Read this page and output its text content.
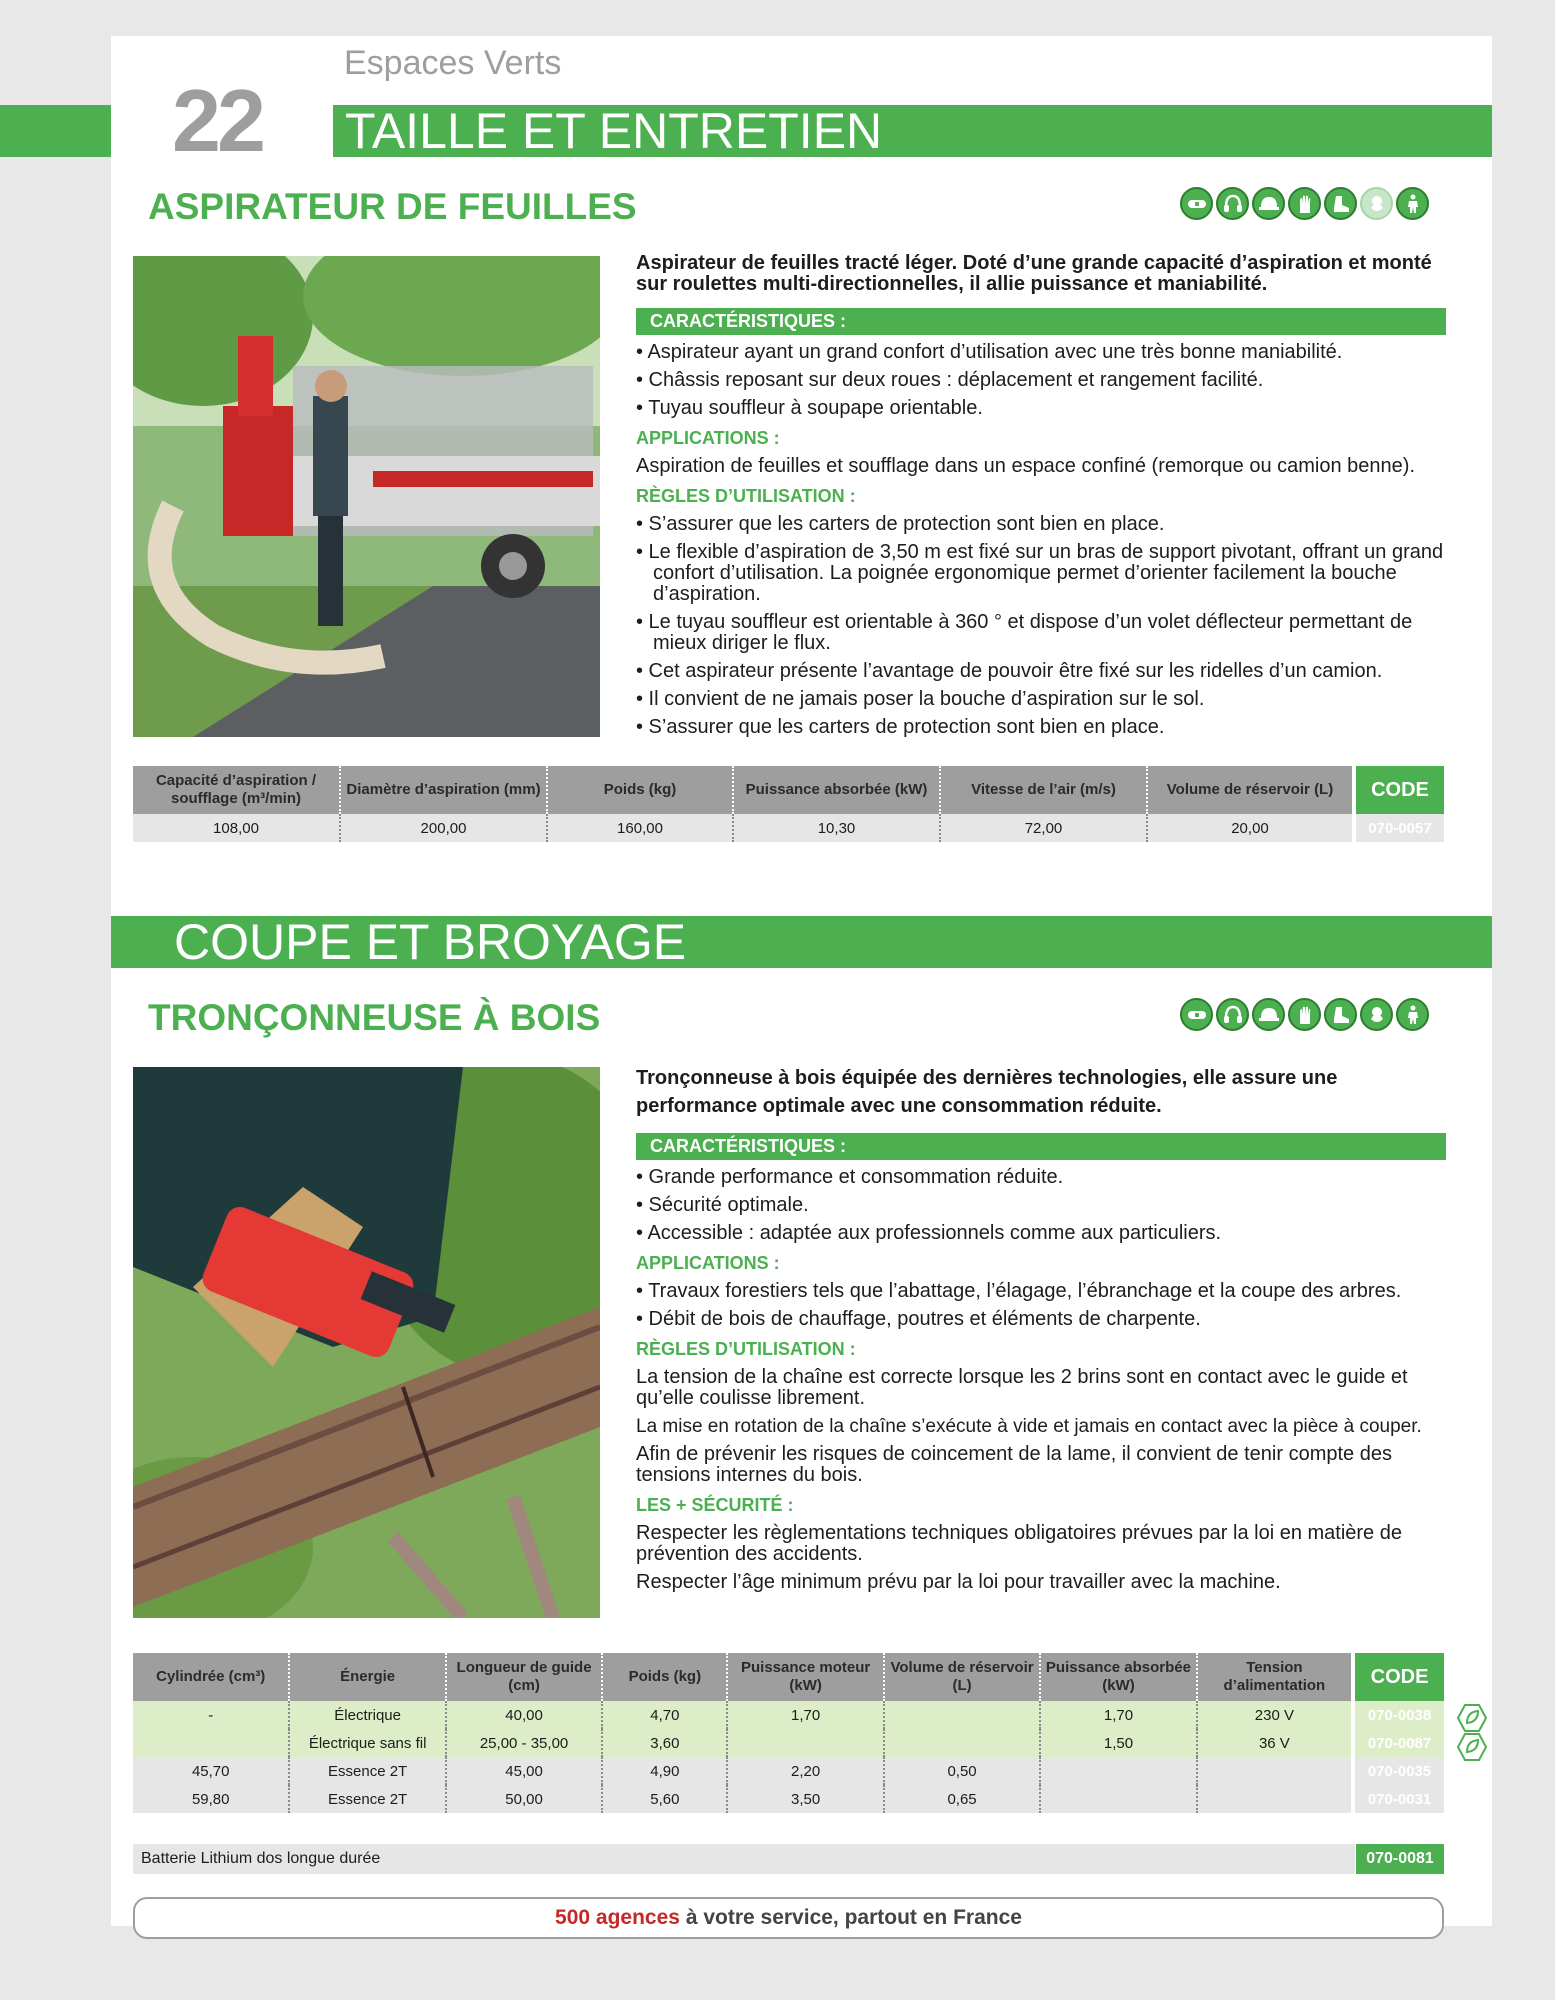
22
Espaces Verts
TAILLE ET ENTRETIEN
ASPIRATEUR DE FEUILLES
Aspirateur de feuilles tracté léger. Doté d’une grande capacité d’aspiration et monté sur roulettes multi-directionnelles, il allie puissance et maniabilité.
CARACTÉRISTIQUES :
• Aspirateur ayant un grand confort d’utilisation avec une très bonne maniabilité.
• Châssis reposant sur deux roues : déplacement et rangement facilité.
• Tuyau souffleur à soupape orientable.
APPLICATIONS :
Aspiration de feuilles et soufflage dans un espace confiné (remorque ou camion benne).
RÈGLES D’UTILISATION :
• S’assurer que les carters de protection sont bien en place.
• Le flexible d’aspiration de 3,50 m est fixé sur un bras de support pivotant, offrant un grand confort d’utilisation. La poignée ergonomique permet d’orienter facilement la bouche d’aspiration.
• Le tuyau souffleur est orientable à 360 ° et dispose d’un volet déflecteur permettant de mieux diriger le flux.
• Cet aspirateur présente l’avantage de pouvoir être fixé sur les ridelles d’un camion.
• Il convient de ne jamais poser la bouche d’aspiration sur le sol.
• S’assurer que les carters de protection sont bien en place.
Capacité d’aspiration / soufflage (m³/min)	Diamètre d’aspiration (mm)	Poids (kg)	Puissance absorbée (kW)	Vitesse de l’air (m/s)	Volume de réservoir (L)	CODE
108,00	200,00	160,00	10,30	72,00	20,00	070-0057
COUPE ET BROYAGE
TRONÇONNEUSE À BOIS
Tronçonneuse à bois équipée des dernières technologies, elle assure une performance optimale avec une consommation réduite.
CARACTÉRISTIQUES :
• Grande performance et consommation réduite.
• Sécurité optimale.
• Accessible : adaptée aux professionnels comme aux particuliers.
APPLICATIONS :
• Travaux forestiers tels que l’abattage, l’élagage, l’ébranchage et la coupe des arbres.
• Débit de bois de chauffage, poutres et éléments de charpente.
RÈGLES D’UTILISATION :
La tension de la chaîne est correcte lorsque les 2 brins sont en contact avec le guide et qu’elle coulisse librement.
La mise en rotation de la chaîne s’exécute à vide et jamais en contact avec la pièce à couper.
Afin de prévenir les risques de coincement de la lame, il convient de tenir compte des tensions internes du bois.
LES + SÉCURITÉ :
Respecter les règlementations techniques obligatoires prévues par la loi en matière de prévention des accidents.
Respecter l’âge minimum prévu par la loi pour travailler avec la machine.
Cylindrée (cm³)	Énergie	Longueur de guide (cm)	Poids (kg)	Puissance moteur (kW)	Volume de réservoir (L)	Puissance absorbée (kW)	Tension d’alimentation	CODE
-	Électrique	40,00	4,70	1,70		1,70	230 V	070-0038
	Électrique sans fil	25,00 - 35,00	3,60			1,50	36 V	070-0087
45,70	Essence 2T	45,00	4,90	2,20	0,50			070-0035
59,80	Essence 2T	50,00	5,60	3,50	0,65			070-0031
Batterie Lithium dos longue durée	070-0081
500 agences à votre service, partout en France
